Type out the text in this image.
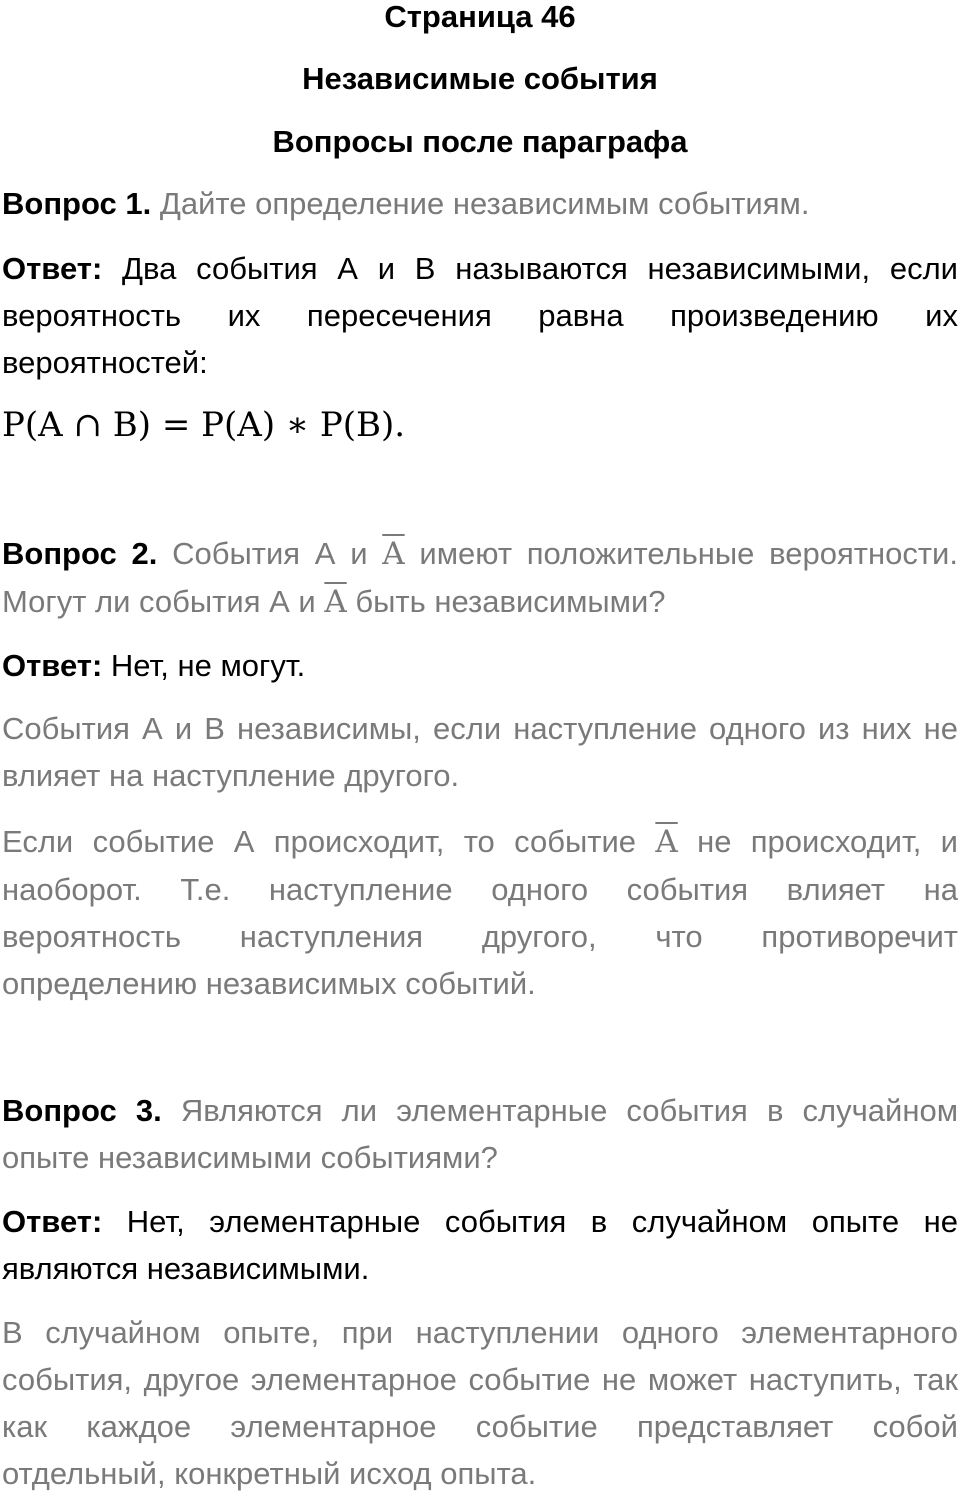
Страница 46
Независимые события
Вопросы после параграфа
Вопрос 1. Дайте определение независимым событиям.
Ответ: Два события А и В называются независимыми, если вероятность их пересечения равна произведению их вероятностей:
P(A ∩ B) = P(A) ∗ P(B).
Вопрос 2. События А и $\overline{A}$ имеют положительные вероятности. Могут ли события А и $\overline{A}$ быть независимыми?
Ответ: Нет, не могут.
События А и В независимы, если наступление одного из них не влияет на наступление другого.
Если событие А происходит, то событие $\overline{A}$ не происходит, и наоборот. Т.е. наступление одного события влияет на вероятность наступления другого, что противоречит определению независимых событий.
Вопрос 3. Являются ли элементарные события в случайном опыте независимыми событиями?
Ответ: Нет, элементарные события в случайном опыте не являются независимыми.
В случайном опыте, при наступлении одного элементарного события, другое элементарное событие не может наступить, так как каждое элементарное событие представляет собой отдельный, конкретный исход опыта.
